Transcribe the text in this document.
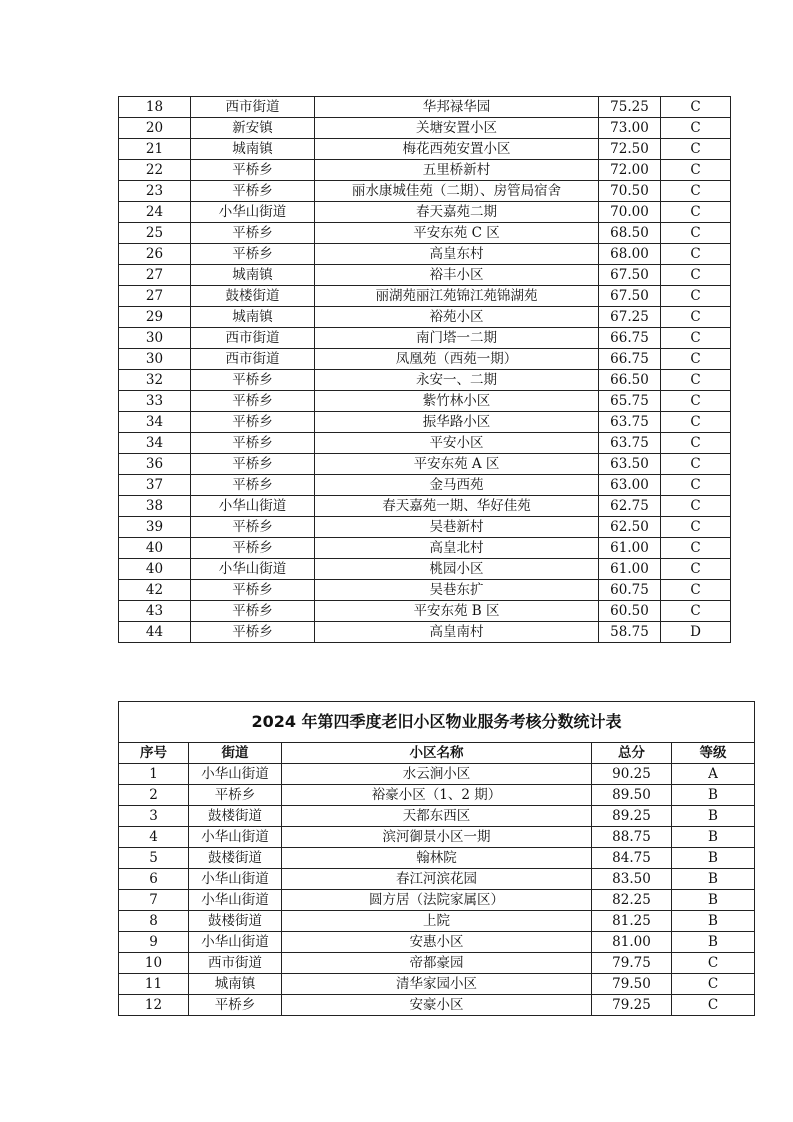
18	西市街道	华邦禄华园	75.25	C
20	新安镇	关塘安置小区	73.00	C
21	城南镇	梅花西苑安置小区	72.50	C
22	平桥乡	五里桥新村	72.00	C
23	平桥乡	丽水康城佳苑（二期）、房管局宿舍	70.50	C
24	小华山街道	春天嘉苑二期	70.00	C
25	平桥乡	平安东苑 C 区	68.50	C
26	平桥乡	高皇东村	68.00	C
27	城南镇	裕丰小区	67.50	C
27	鼓楼街道	丽湖苑丽江苑锦江苑锦湖苑	67.50	C
29	城南镇	裕苑小区	67.25	C
30	西市街道	南门塔一二期	66.75	C
30	西市街道	凤凰苑（西苑一期）	66.75	C
32	平桥乡	永安一、二期	66.50	C
33	平桥乡	紫竹林小区	65.75	C
34	平桥乡	振华路小区	63.75	C
34	平桥乡	平安小区	63.75	C
36	平桥乡	平安东苑 A 区	63.50	C
37	平桥乡	金马西苑	63.00	C
38	小华山街道	春天嘉苑一期、华好佳苑	62.75	C
39	平桥乡	吴巷新村	62.50	C
40	平桥乡	高皇北村	61.00	C
40	小华山街道	桃园小区	61.00	C
42	平桥乡	吴巷东扩	60.75	C
43	平桥乡	平安东苑 B 区	60.50	C
44	平桥乡	高皇南村	58.75	D
2024 年第四季度老旧小区物业服务考核分数统计表				
序号	街道	小区名称	总分	等级
1	小华山街道	水云涧小区	90.25	A
2	平桥乡	裕豪小区（1、2 期）	89.50	B
3	鼓楼街道	天都东西区	89.25	B
4	小华山街道	滨河御景小区一期	88.75	B
5	鼓楼街道	翰林院	84.75	B
6	小华山街道	春江河滨花园	83.50	B
7	小华山街道	圆方居（法院家属区）	82.25	B
8	鼓楼街道	上院	81.25	B
9	小华山街道	安惠小区	81.00	B
10	西市街道	帝都豪园	79.75	C
11	城南镇	清华家园小区	79.50	C
12	平桥乡	安豪小区	79.25	C
